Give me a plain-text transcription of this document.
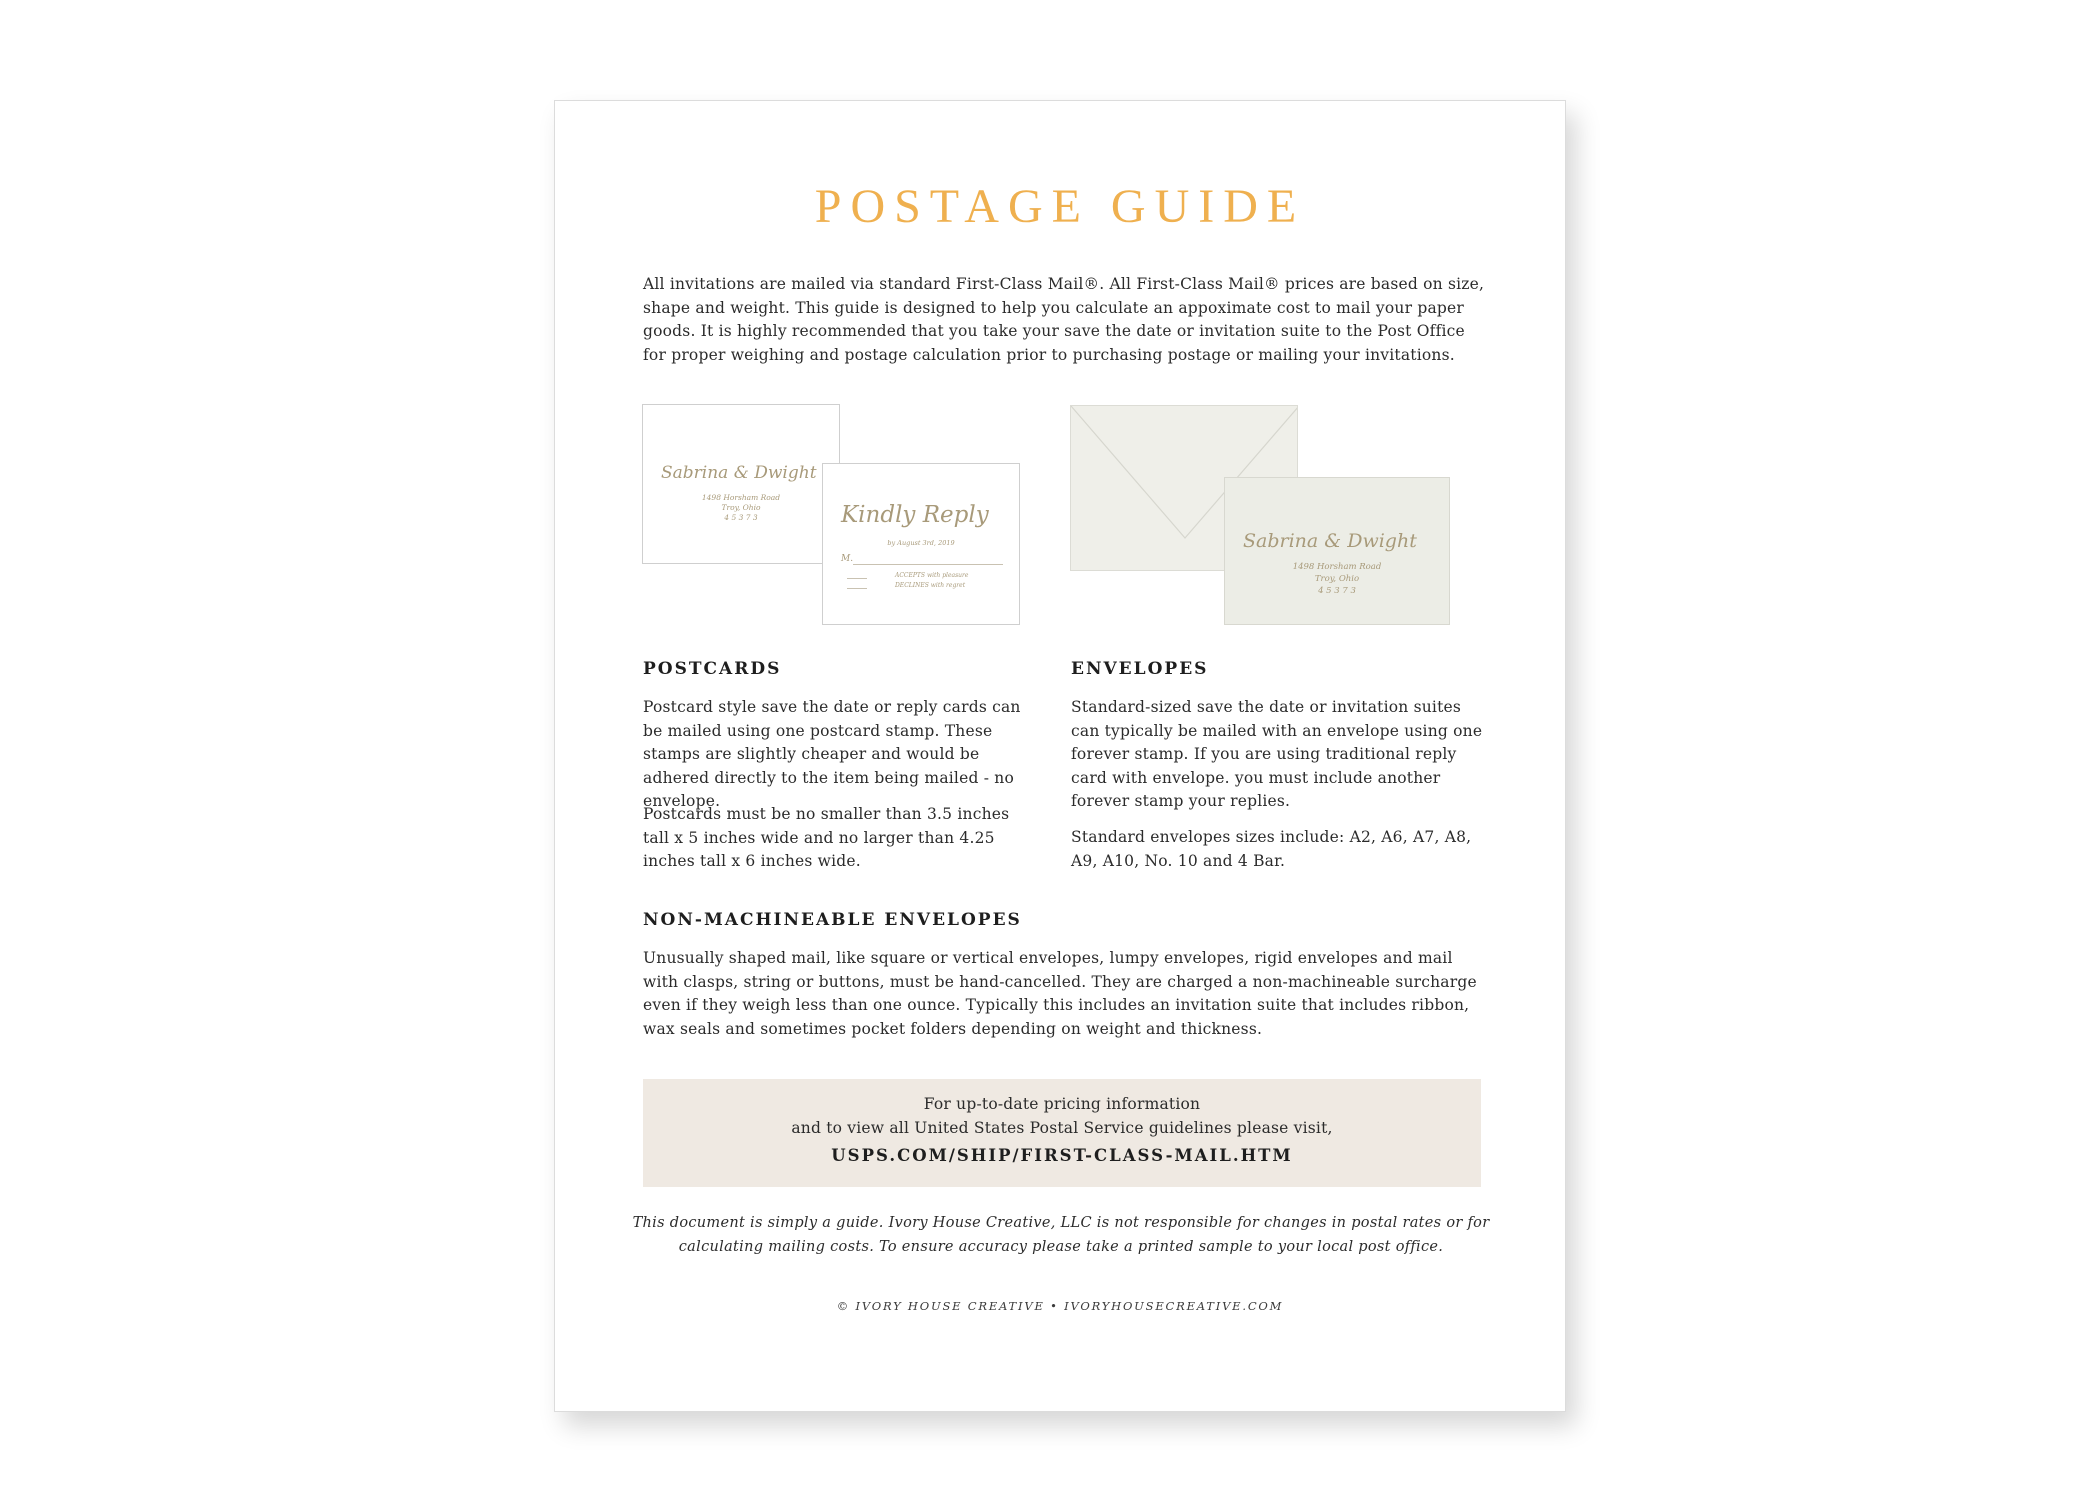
POSTAGE GUIDE

All invitations are mailed via standard First-Class Mail®. All First-Class Mail® prices are based on size, shape and weight. This guide is designed to help you calculate an appoximate cost to mail your paper goods. It is highly recommended that you take your save the date or invitation suite to the Post Office for proper weighing and postage calculation prior to purchasing postage or mailing your invitations.

Sabrina & Dwight
1498 Horsham Road
Troy, Ohio
4 5 3 7 3	Kindly Reply
by August 3rd, 2019
M.
ACCEPTS with pleasure
DECLINES with regret
Sabrina & Dwight
1498 Horsham Road
Troy, Ohio
4 5 3 7 3
POSTCARDS

Postcard style save the date or reply cards can be mailed using one postcard stamp. These stamps are slightly cheaper and would be adhered directly to the item being mailed - no envelope.

Postcards must be no smaller than 3.5 inches tall x 5 inches wide and no larger than 4.25 inches tall x 6 inches wide.

ENVELOPES

Standard-sized save the date or invitation suites can typically be mailed with an envelope using one forever stamp. If you are using traditional reply card with envelope. you must include another forever stamp your replies.

Standard envelopes sizes include: A2, A6, A7, A8, A9, A10, No. 10 and 4 Bar.

NON-MACHINEABLE ENVELOPES

Unusually shaped mail, like square or vertical envelopes, lumpy envelopes, rigid envelopes and mail with clasps, string or buttons, must be hand-cancelled. They are charged a non-machineable surcharge even if they weigh less than one ounce. Typically this includes an invitation suite that includes ribbon, wax seals and sometimes pocket folders depending on weight and thickness.

For up-to-date pricing information
and to view all United States Postal Service guidelines please visit,
USPS.COM/SHIP/FIRST-CLASS-MAIL.HTM

This document is simply a guide. Ivory House Creative, LLC is not responsible for changes in postal rates or for calculating mailing costs. To ensure accuracy please take a printed sample to your local post office.

© IVORY HOUSE CREATIVE • IVORYHOUSECREATIVE.COM
